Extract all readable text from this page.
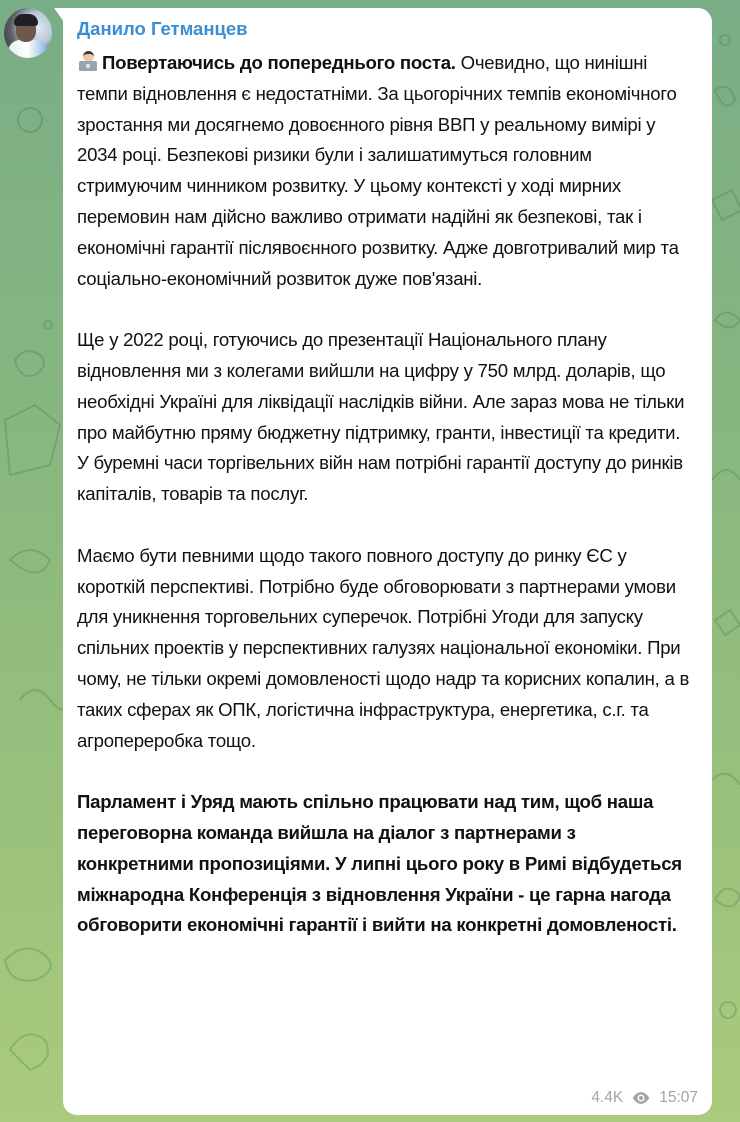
Данило Гетманцев

Повертаючись до попереднього поста. Очевидно, що нинішні темпи відновлення є недостатніми. За цьогорічних темпів економічного зростання ми досягнемо довоєнного рівня ВВП у реальному вимірі у 2034 році. Безпекові ризики були і залишатимуться головним стримуючим чинником розвитку. У цьому контексті у ході мирних перемовин нам дійсно важливо отримати надійні як безпекові, так і економічні гарантії післявоєнного розвитку. Адже довготривалий мир та соціально-економічний розвиток дуже пов'язані.

Ще у 2022 році, готуючись до презентації Національного плану відновлення ми з колегами вийшли на цифру у 750 млрд. доларів, що необхідні Україні для ліквідації наслідків війни. Але зараз мова не тільки про майбутню пряму бюджетну підтримку, гранти, інвестиції та кредити. У буремні часи торгівельних війн нам потрібні гарантії доступу до ринків капіталів, товарів та послуг.

Маємо бути певними щодо такого повного доступу до ринку ЄС у короткій перспективі. Потрібно буде обговорювати з партнерами умови для уникнення торговельних суперечок. Потрібні Угоди для запуску спільних проектів у перспективних галузях національної економіки. При чому, не тільки окремі домовленості щодо надр та корисних копалин, а в таких сферах як ОПК, логістична інфраструктура, енергетика, с.г. та агропереробка тощо.

Парламент і Уряд мають спільно працювати над тим, щоб наша переговорна команда вийшла на діалог з партнерами з конкретними пропозиціями. У липні цього року в Римі відбудеться міжнародна Конференція з відновлення України - це гарна нагода обговорити економічні гарантії і вийти на конкретні домовленості.

4.4K 15:07
